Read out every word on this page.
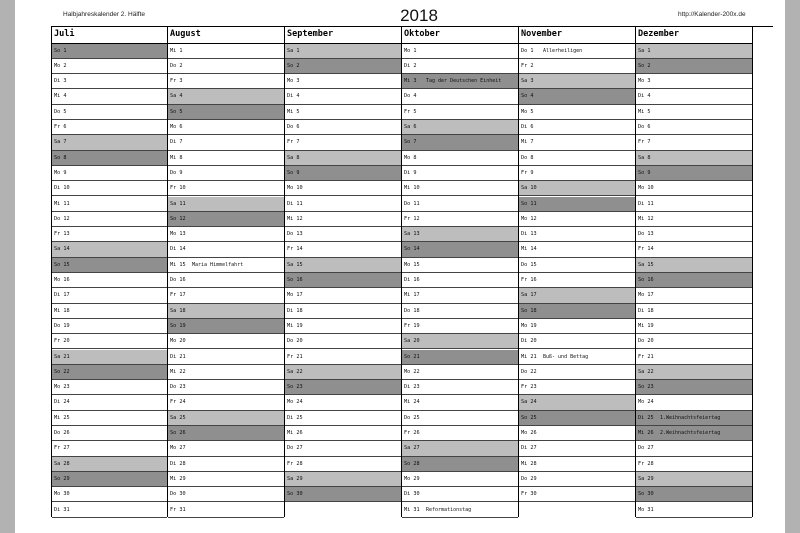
Halbjahreskalender 2. Hälfte	2018	http://Kalender-200x.de
Juli
So 1
Mo 2
Di 3
Mi 4
Do 5
Fr 6
Sa 7
So 8
Mo 9
Di 10
Mi 11
Do 12
Fr 13
Sa 14
So 15
Mo 16
Di 17
Mi 18
Do 19
Fr 20
Sa 21
So 22
Mo 23
Di 24
Mi 25
Do 26
Fr 27
Sa 28
So 29
Mo 30
Di 31
August
Mi 1
Do 2
Fr 3
Sa 4
So 5
Mo 6
Di 7
Mi 8
Do 9
Fr 10
Sa 11
So 12
Mo 13
Di 14
Mi 15 Maria Himmelfahrt
Do 16
Fr 17
Sa 18
So 19
Mo 20
Di 21
Mi 22
Do 23
Fr 24
Sa 25
So 26
Mo 27
Di 28
Mi 29
Do 30
Fr 31
September
Sa 1
So 2
Mo 3
Di 4
Mi 5
Do 6
Fr 7
Sa 8
So 9
Mo 10
Di 11
Mi 12
Do 13
Fr 14
Sa 15
So 16
Mo 17
Di 18
Mi 19
Do 20
Fr 21
Sa 22
So 23
Mo 24
Di 25
Mi 26
Do 27
Fr 28
Sa 29
So 30
Oktober
Mo 1
Di 2
Mi 3 Tag der Deutschen Einheit
Do 4
Fr 5
Sa 6
So 7
Mo 8
Di 9
Mi 10
Do 11
Fr 12
Sa 13
So 14
Mo 15
Di 16
Mi 17
Do 18
Fr 19
Sa 20
So 21
Mo 22
Di 23
Mi 24
Do 25
Fr 26
Sa 27
So 28
Mo 29
Di 30
Mi 31 Reformationstag
November
Do 1 Allerheiligen
Fr 2
Sa 3
So 4
Mo 5
Di 6
Mi 7
Do 8
Fr 9
Sa 10
So 11
Mo 12
Di 13
Mi 14
Do 15
Fr 16
Sa 17
So 18
Mo 19
Di 20
Mi 21 Buß- und Bettag
Do 22
Fr 23
Sa 24
So 25
Mo 26
Di 27
Mi 28
Do 29
Fr 30
Dezember
Sa 1
So 2
Mo 3
Di 4
Mi 5
Do 6
Fr 7
Sa 8
So 9
Mo 10
Di 11
Mi 12
Do 13
Fr 14
Sa 15
So 16
Mo 17
Di 18
Mi 19
Do 20
Fr 21
Sa 22
So 23
Mo 24
Di 25 1.Weihnachtsfeiertag
Mi 26 2.Weihnachtsfeiertag
Do 27
Fr 28
Sa 29
So 30
Mo 31
